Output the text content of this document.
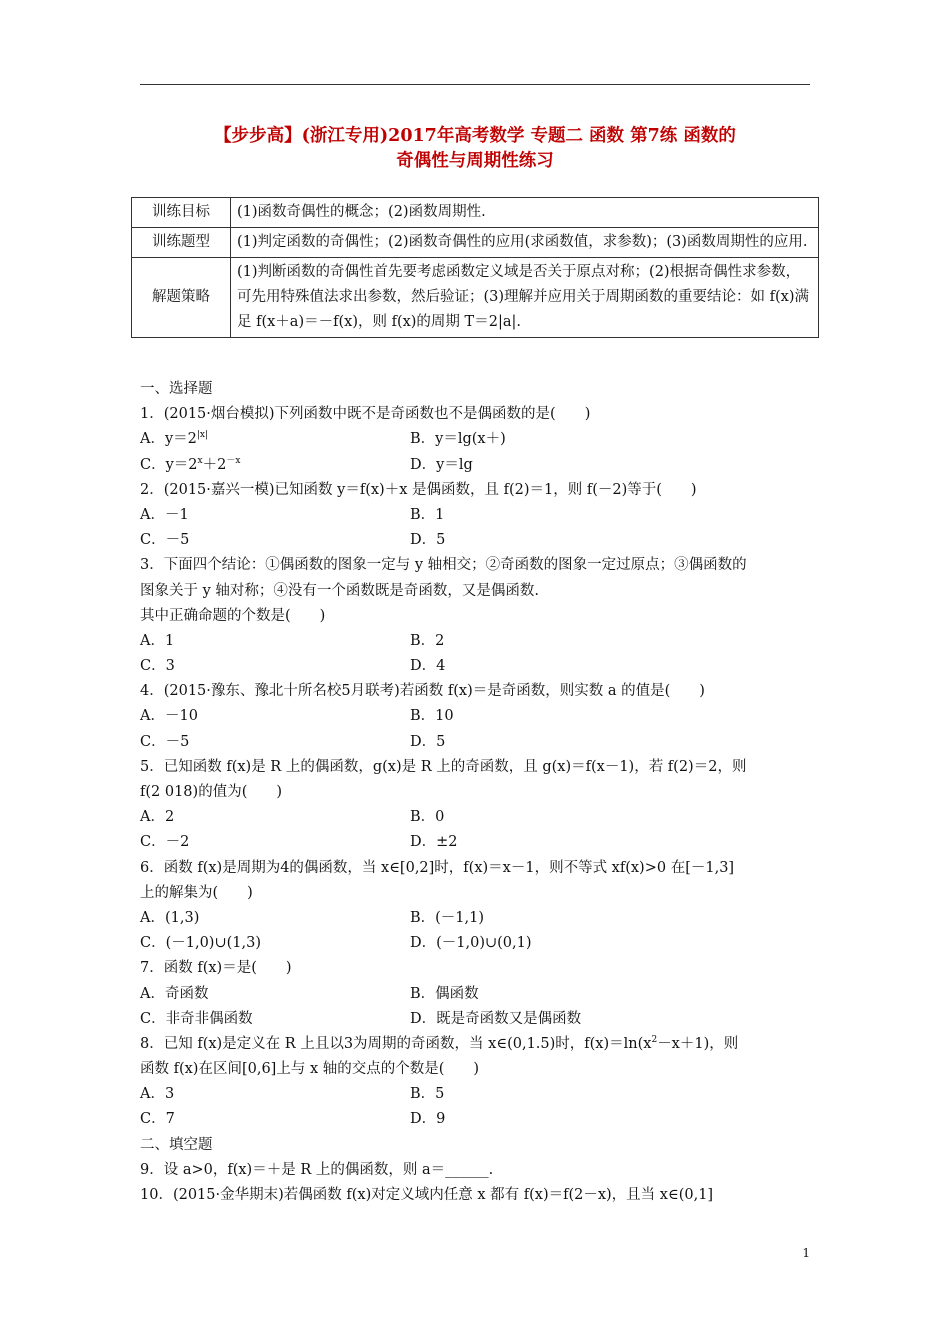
【步步高】(浙江专用)2017年高考数学 专题二 函数 第7练 函数的
奇偶性与周期性练习
训练目标	(1)函数奇偶性的概念；(2)函数周期性.
训练题型	(1)判定函数的奇偶性；(2)函数奇偶性的应用(求函数值，求参数)；(3)函数周期性的应用.
解题策略	(1)判断函数的奇偶性首先要考虑函数定义域是否关于原点对称；(2)根据奇偶性求参数，可先用特殊值法求出参数，然后验证；(3)理解并应用关于周期函数的重要结论：如 f(x)满足 f(x＋a)＝－f(x)，则 f(x)的周期 T＝2|a|.
一、选择题
1．(2015·烟台模拟)下列函数中既不是奇函数也不是偶函数的是(　　)
A．$y=2^{|x|}$	B．y＝lg(x＋)
C．$y=2^x+2^{-x}$	D．y＝lg
2．(2015·嘉兴一模)已知函数 y＝f(x)＋x 是偶函数，且 f(2)＝1，则 f(－2)等于(　　)
A．－1	B．1
C．－5	D．5
3．下面四个结论：①偶函数的图象一定与 y 轴相交；②奇函数的图象一定过原点；③偶函数的
图象关于 y 轴对称；④没有一个函数既是奇函数，又是偶函数.
其中正确命题的个数是(　　)
A．1	B．2
C．3	D．4
4．(2015·豫东、豫北十所名校5月联考)若函数 f(x)＝是奇函数，则实数 a 的值是(　　)
A．－10	B．10
C．－5	D．5
5．已知函数 f(x)是 R 上的偶函数，g(x)是 R 上的奇函数，且 g(x)＝f(x－1)，若 f(2)＝2，则
f(2 018)的值为(　　)
A．2	B．0
C．－2	D．±2
6．函数 f(x)是周期为4的偶函数，当 x∈[0,2]时，f(x)＝x－1，则不等式 xf(x)>0 在[－1,3]
上的解集为(　　)
A．(1,3)	B．(－1,1)
C．(－1,0)∪(1,3)	D．(－1,0)∪(0,1)
7．函数 f(x)＝是(　　)
A．奇函数	B．偶函数
C．非奇非偶函数	D．既是奇函数又是偶函数
8．已知 f(x)是定义在 R 上且以3为周期的奇函数，当 x∈(0,1.5)时，$f(x)=\ln(x^2-x+1)$，则
函数 f(x)在区间[0,6]上与 x 轴的交点的个数是(　　)
A．3	B．5
C．7	D．9
二、填空题
9．设 a>0，f(x)＝＋是 R 上的偶函数，则 a＝______.
10．(2015·金华期末)若偶函数 f(x)对定义域内任意 x 都有 f(x)＝f(2－x)，且当 x∈(0,1]
1
